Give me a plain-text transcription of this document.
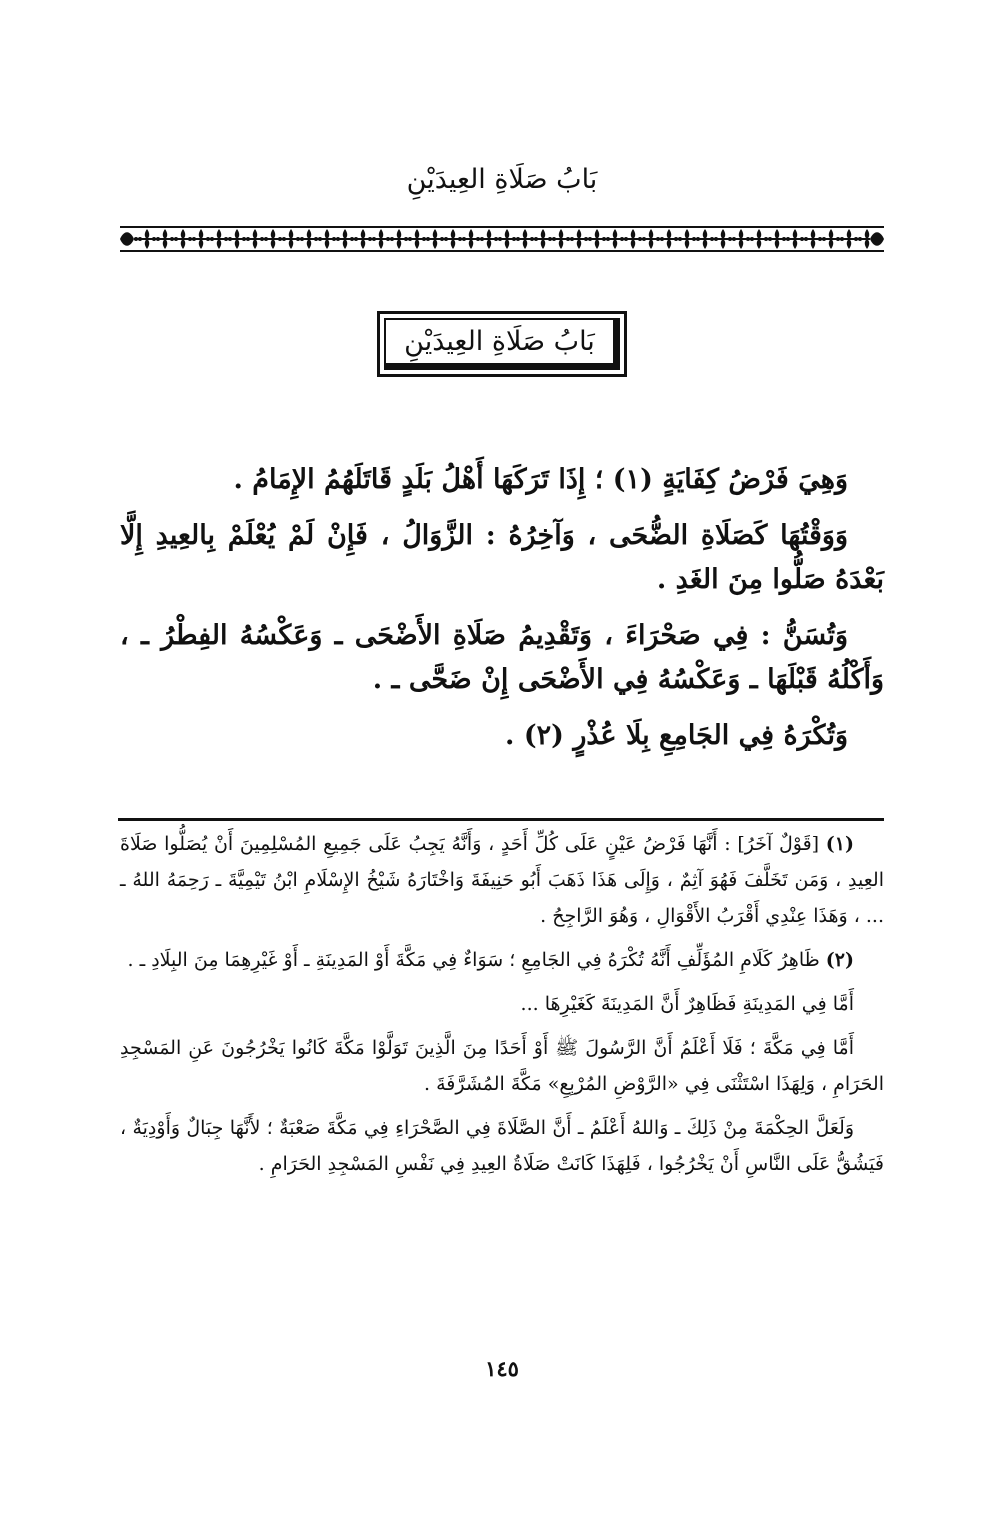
بَابُ صَلَاةِ العِيدَيْنِ
بَابُ صَلَاةِ العِيدَيْنِ

وَهِيَ فَرْضُ كِفَايَةٍ (١) ؛ إِذَا تَرَكَهَا أَهْلُ بَلَدٍ قَاتَلَهُمُ الإِمَامُ .

وَوَقْتُهَا كَصَلَاةِ الضُّحَى ، وَآخِرُهُ : الزَّوَالُ ، فَإِنْ لَمْ يُعْلَمْ بِالعِيدِ إِلَّا بَعْدَهُ صَلُّوا مِنَ الغَدِ .

وَتُسَنُّ : فِي صَحْرَاءَ ، وَتَقْدِيمُ صَلَاةِ الأَضْحَى ـ وَعَكْسُهُ الفِطْرُ ـ ، وَأَكْلُهُ قَبْلَهَا ـ وَعَكْسُهُ فِي الأَضْحَى إِنْ ضَحَّى ـ .

وَتُكْرَهُ فِي الجَامِعِ بِلَا عُذْرٍ (٢) .

(١) [قَوْلٌ آخَرُ] : أَنَّهَا فَرْضُ عَيْنٍ عَلَى كُلِّ أَحَدٍ ، وَأَنَّهُ يَجِبُ عَلَى جَمِيعِ المُسْلِمِينَ أَنْ يُصَلُّوا صَلَاةَ العِيدِ ، وَمَن تَخَلَّفَ فَهُوَ آثِمٌ ، وَإِلَى هَذَا ذَهَبَ أَبُو حَنِيفَةَ وَاخْتَارَهُ شَيْخُ الإِسْلَامِ ابْنُ تَيْمِيَّةَ ـ رَحِمَهُ اللهُ ـ ... ، وَهَذَا عِنْدِي أَقْرَبُ الأَقْوَالِ ، وَهُوَ الرَّاجِحُ .

(٢) ظَاهِرُ كَلَامِ المُؤَلِّفِ أَنَّهُ تُكْرَهُ فِي الجَامِعِ ؛ سَوَاءٌ فِي مَكَّةَ أَوْ المَدِينَةِ ـ أَوْ غَيْرِهِمَا مِنَ البِلَادِ ـ .

أَمَّا فِي المَدِينَةِ فَظَاهِرٌ أَنَّ المَدِينَةَ كَغَيْرِهَا ...

أَمَّا فِي مَكَّةَ ؛ فَلَا أَعْلَمُ أَنَّ الرَّسُولَ ﷺ أَوْ أَحَدًا مِنَ الَّذِينَ تَوَلَّوْا مَكَّةَ كَانُوا يَخْرُجُونَ عَنِ المَسْجِدِ الحَرَامِ ، وَلِهَذَا اسْتَثْنَى فِي «الرَّوْضِ المُرْبِعِ» مَكَّةَ المُشَرَّفَةَ .

وَلَعَلَّ الحِكْمَةَ مِنْ ذَلِكَ ـ وَاللهُ أَعْلَمُ ـ أَنَّ الصَّلَاةَ فِي الصَّحْرَاءِ فِي مَكَّةَ صَعْبَةٌ ؛ لأَنَّهَا جِبَالٌ وَأَوْدِيَةٌ ، فَيَشُقُّ عَلَى النَّاسِ أَنْ يَخْرُجُوا ، فَلِهَذَا كَانَتْ صَلَاةُ العِيدِ فِي نَفْسِ المَسْجِدِ الحَرَامِ .

١٤٥
